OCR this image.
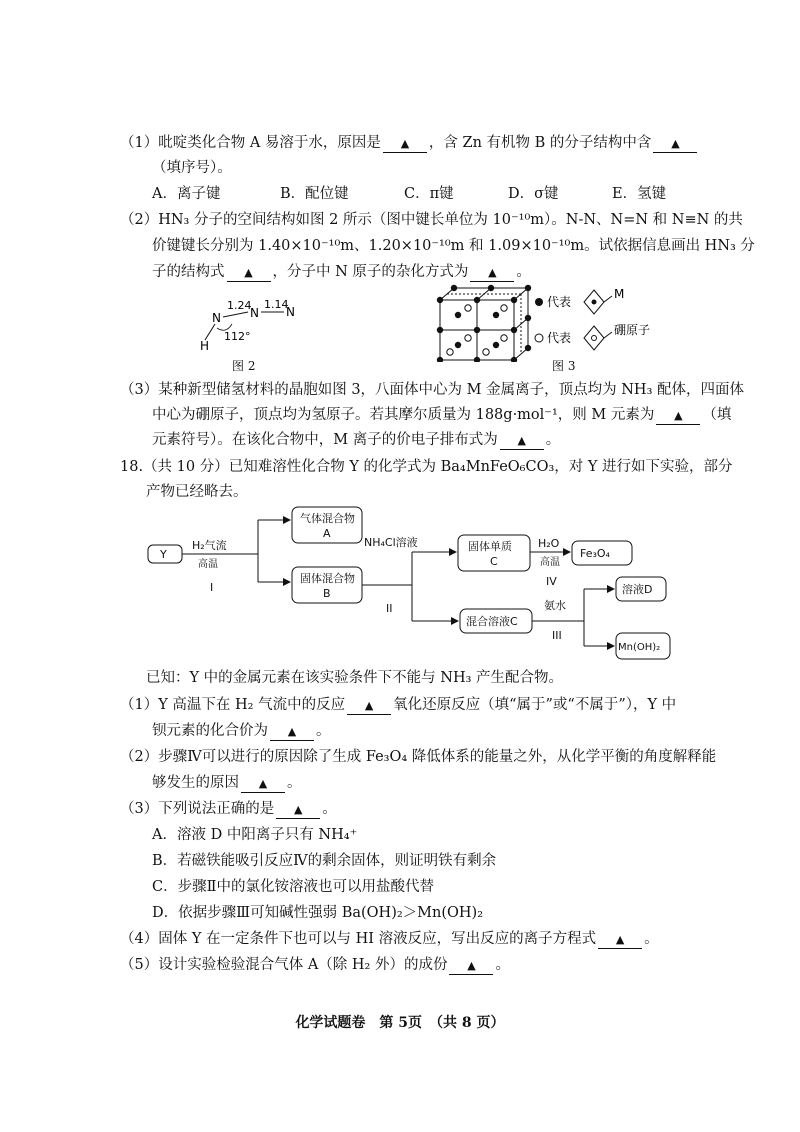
（1）吡啶类化合物 A 易溶于水，原因是 ▲ ，含 Zn 有机物 B 的分子结构中含 ▲
（填序号）。
A．离子键	B．配位键	C．π键	D．σ键	E．氢键
（2）HN₃ 分子的空间结构如图 2 所示（图中键长单位为 10⁻¹⁰m）。N-N、N=N 和 N≡N 的共
价键键长分别为 1.40×10⁻¹⁰m、1.20×10⁻¹⁰m 和 1.09×10⁻¹⁰m。试依据信息画出 HN₃ 分
子的结构式 ▲ ，分子中 N 原子的杂化方式为 ▲ 。
N N N
H
1.24 1.14
112°
图 2
代表
M
代表
硼原子
图 3
（3）某种新型储氢材料的晶胞如图 3，八面体中心为 M 金属离子，顶点均为 NH₃ 配体，四面体
中心为硼原子，顶点均为氢原子。若其摩尔质量为 188g·mol⁻¹，则 M 元素为 ▲ （填
元素符号）。在该化合物中，M 离子的价电子排布式为 ▲ 。
18.（共 10 分）已知难溶性化合物 Y 的化学式为 Ba₄MnFeO₆CO₃，对 Y 进行如下实验，部分
产物已经略去。
Y
H₂气流
高温
I
气体混合物
A
固体混合物
B
NH₄Cl溶液
II
固体单质
C
H₂O
高温
IV
Fe₃O₄
混合溶液C
氨水
III
溶液D
Mn(OH)₂
已知：Y 中的金属元素在该实验条件下不能与 NH₃ 产生配合物。
（1）Y 高温下在 H₂ 气流中的反应 ▲ 氧化还原反应（填“属于”或“不属于”），Y 中
钡元素的化合价为 ▲ 。
（2）步骤Ⅳ可以进行的原因除了生成 Fe₃O₄ 降低体系的能量之外，从化学平衡的角度解释能
够发生的原因 ▲ 。
（3）下列说法正确的是 ▲ 。
A．溶液 D 中阳离子只有 NH₄⁺
B．若磁铁能吸引反应Ⅳ的剩余固体，则证明铁有剩余
C．步骤Ⅱ中的氯化铵溶液也可以用盐酸代替
D．依据步骤Ⅲ可知碱性强弱 Ba(OH)₂＞Mn(OH)₂
（4）固体 Y 在一定条件下也可以与 HI 溶液反应，写出反应的离子方程式 ▲ 。
（5）设计实验检验混合气体 A（除 H₂ 外）的成份 ▲ 。
化学试题卷　第 5页　（共 8 页）
